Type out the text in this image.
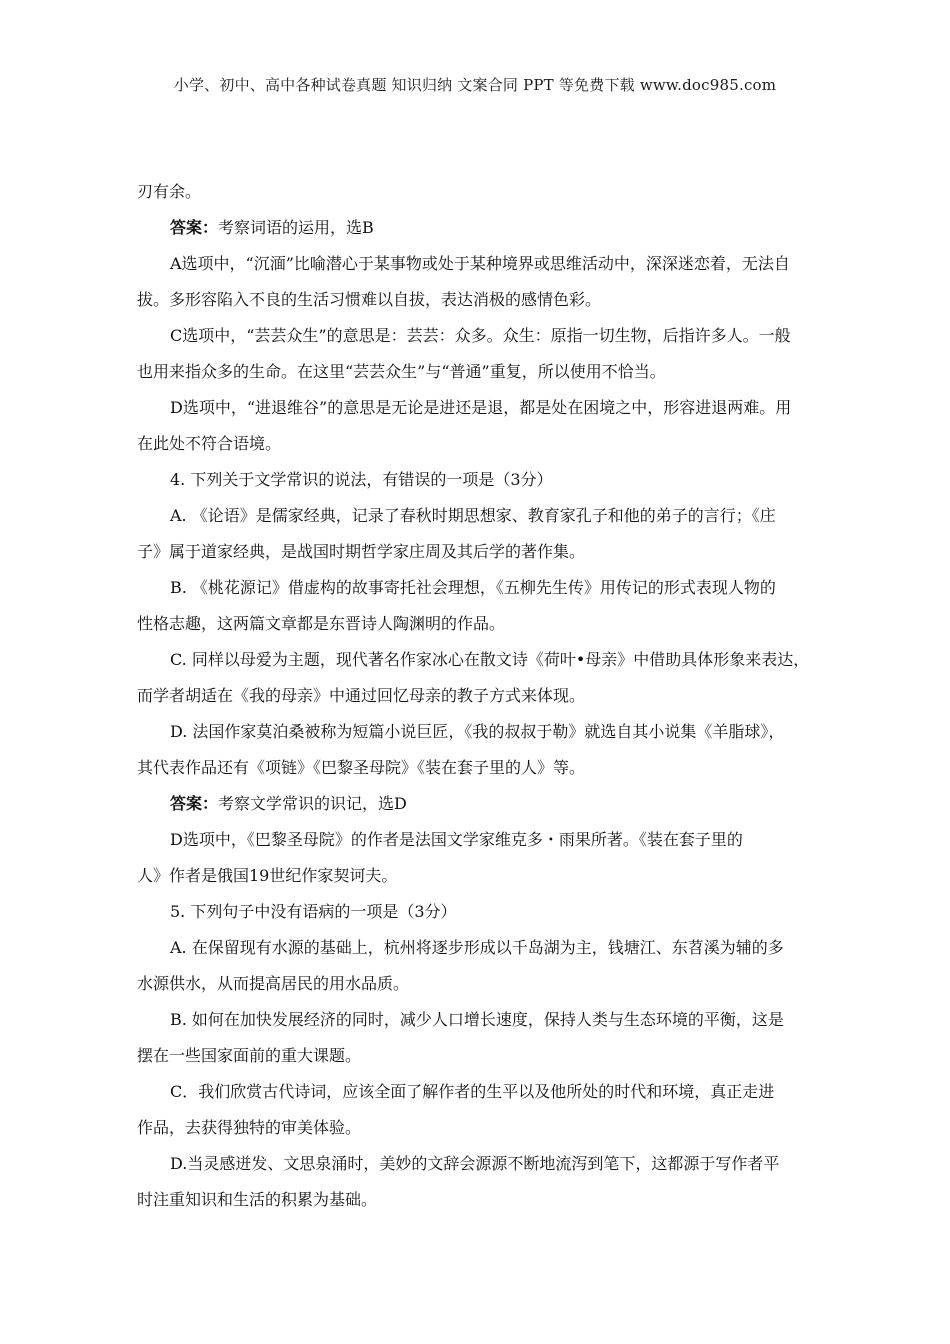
小学、初中、高中各种试卷真题 知识归纳 文案合同 PPT 等免费下载 www.doc985.com
刃有余。
答案：考察词语的运用，选B
A选项中，“沉湎”比喻潜心于某事物或处于某种境界或思维活动中，深深迷恋着，无法自
拔。多形容陷入不良的生活习惯难以自拔，表达消极的感情色彩。
C选项中，“芸芸众生”的意思是：芸芸：众多。众生：原指一切生物，后指许多人。一般
也用来指众多的生命。在这里“芸芸众生”与“普通”重复，所以使用不恰当。
D选项中，“进退维谷”的意思是无论是进还是退，都是处在困境之中，形容进退两难。用
在此处不符合语境。
4. 下列关于文学常识的说法，有错误的一项是（3分）
A. 《论语》是儒家经典，记录了春秋时期思想家、教育家孔子和他的弟子的言行；《庄
子》属于道家经典，是战国时期哲学家庄周及其后学的著作集。
B. 《桃花源记》借虚构的故事寄托社会理想，《五柳先生传》用传记的形式表现人物的
性格志趣，这两篇文章都是东晋诗人陶渊明的作品。
C. 同样以母爱为主题，现代著名作家冰心在散文诗《荷叶•母亲》中借助具体形象来表达，
而学者胡适在《我的母亲》中通过回忆母亲的教子方式来体现。
D. 法国作家莫泊桑被称为短篇小说巨匠，《我的叔叔于勒》就选自其小说集《羊脂球》，
其代表作品还有《项链》《巴黎圣母院》《装在套子里的人》等。
答案：考察文学常识的识记，选D
D选项中，《巴黎圣母院》的作者是法国文学家维克多・雨果所著。《装在套子里的
人》作者是俄国19世纪作家契诃夫。
5. 下列句子中没有语病的一项是（3分）
A. 在保留现有水源的基础上，杭州将逐步形成以千岛湖为主，钱塘江、东苕溪为辅的多
水源供水，从而提高居民的用水品质。
B. 如何在加快发展经济的同时，减少人口增长速度，保持人类与生态环境的平衡，这是
摆在一些国家面前的重大课题。
C．我们欣赏古代诗词，应该全面了解作者的生平以及他所处的时代和环境，真正走进
作品，去获得独特的审美体验。
D.当灵感迸发、文思泉涌时，美妙的文辞会源源不断地流泻到笔下，这都源于写作者平
时注重知识和生活的积累为基础。
